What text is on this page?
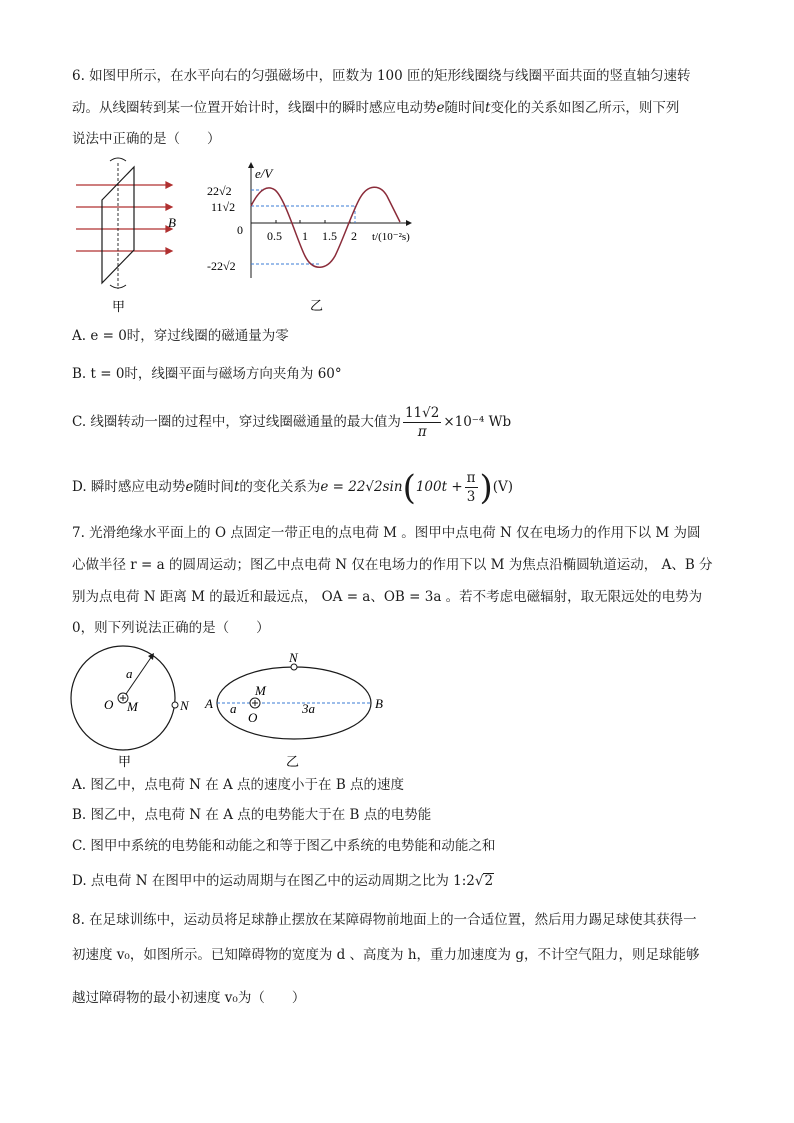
6. 如图甲所示，在水平向右的匀强磁场中，匝数为 100 匝的矩形线圈绕与线圈平面共面的竖直轴匀速转
动。从线圈转到某一位置开始计时，线圈中的瞬时感应电动势e随时间t变化的关系如图乙所示，则下列
说法中正确的是（　　）
B
甲
e/V
22√2
11√2
0
-22√2
0.5 1 1.5 2 t/(10⁻²s)
乙
A. e = 0时，穿过线圈的磁通量为零
B. t = 0时，线圈平面与磁场方向夹角为 60°
C. 线圈转动一圈的过程中，穿过线圈磁通量的最大值为 $\frac{11√2}{\pi} \times 10^{-4}$ Wb
D. 瞬时感应电动势e随时间t的变化关系为$e = 22√2\sin(100t + \frac{\pi}{3} )(V)$
7. 光滑绝缘水平面上的 O 点固定一带正电的点电荷 M 。图甲中点电荷 N 仅在电场力的作用下以 M 为圆
心做半径 r = a 的圆周运动；图乙中点电荷 N 仅在电场力的作用下以 M 为焦点沿椭圆轨道运动， A、B 分
别为点电荷 N 距离 M 的最近和最远点， OA = a、OB = 3a 。若不考虑电磁辐射，取无限远处的电势为
0，则下列说法正确的是（　　）
a
O M	N
甲
N
M
A a
O
3a	B
乙
A. 图乙中，点电荷 N 在 A 点的速度小于在 B 点的速度
B. 图乙中，点电荷 N 在 A 点的电势能大于在 B 点的电势能
C. 图甲中系统的电势能和动能之和等于图乙中系统的电势能和动能之和
D. 点电荷 N 在图甲中的运动周期与在图乙中的运动周期之比为 1:2√2
8. 在足球训练中，运动员将足球静止摆放在某障碍物前地面上的一合适位置，然后用力踢足球使其获得一
初速度 v₀，如图所示。已知障碍物的宽度为 d 、高度为 h，重力加速度为 g，不计空气阻力，则足球能够
越过障碍物的最小初速度 v₀为（　　）
